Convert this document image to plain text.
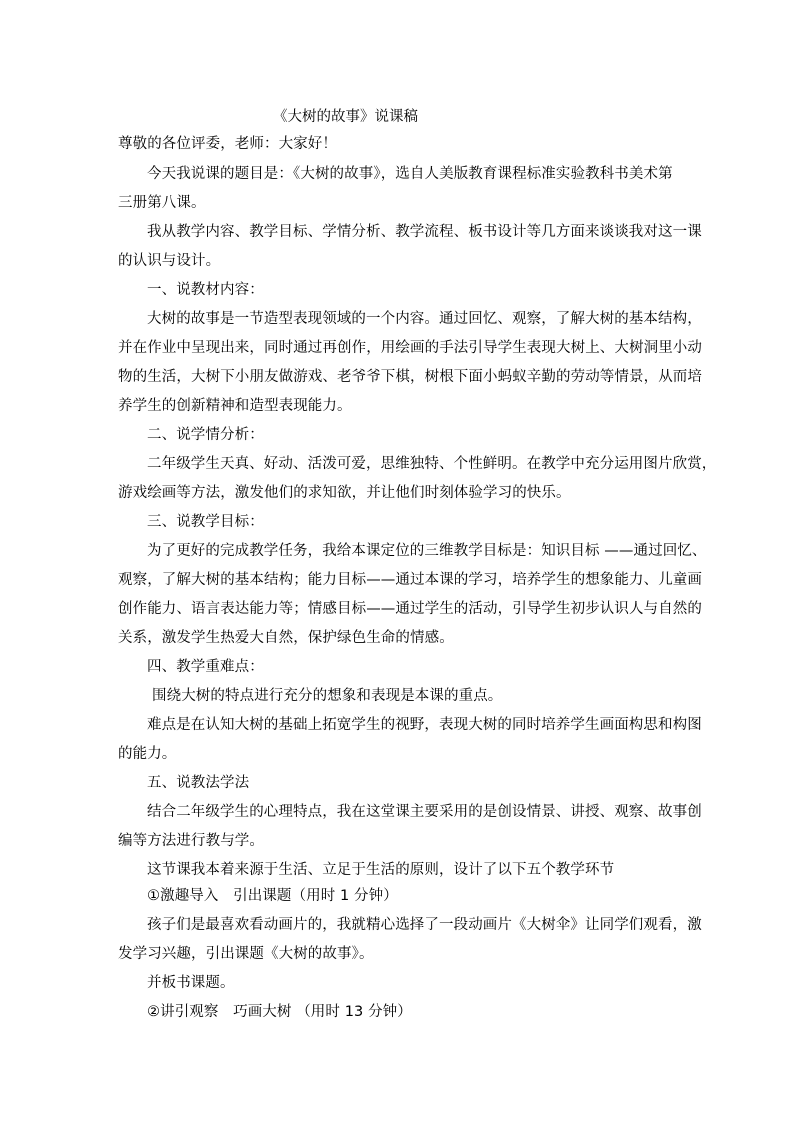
《大树的故事》说课稿
尊敬的各位评委，老师：大家好！
今天我说课的题目是：《大树的故事》，选自人美版教育课程标准实验教科书美术第
三册第八课。
我从教学内容、教学目标、学情分析、教学流程、板书设计等几方面来谈谈我对这一课
的认识与设计。
一、说教材内容：
大树的故事是一节造型表现领域的一个内容。通过回忆、观察，了解大树的基本结构，
并在作业中呈现出来，同时通过再创作，用绘画的手法引导学生表现大树上、大树洞里小动
物的生活，大树下小朋友做游戏、老爷爷下棋，树根下面小蚂蚁辛勤的劳动等情景，从而培
养学生的创新精神和造型表现能力。
二、说学情分析：
二年级学生天真、好动、活泼可爱，思维独特、个性鲜明。在教学中充分运用图片欣赏，
游戏绘画等方法，激发他们的求知欲，并让他们时刻体验学习的快乐。
三、说教学目标：
为了更好的完成教学任务，我给本课定位的三维教学目标是：知识目标 ——通过回忆、
观察，了解大树的基本结构；能力目标——通过本课的学习，培养学生的想象能力、儿童画
创作能力、语言表达能力等；情感目标——通过学生的活动，引导学生初步认识人与自然的
关系，激发学生热爱大自然，保护绿色生命的情感。
四、教学重难点：
围绕大树的特点进行充分的想象和表现是本课的重点。
难点是在认知大树的基础上拓宽学生的视野，表现大树的同时培养学生画面构思和构图
的能力。
五、说教法学法
结合二年级学生的心理特点，我在这堂课主要采用的是创设情景、讲授、观察、故事创
编等方法进行教与学。
这节课我本着来源于生活、立足于生活的原则，设计了以下五个教学环节
①激趣导入　引出课题（用时 1 分钟）
孩子们是最喜欢看动画片的，我就精心选择了一段动画片《大树伞》让同学们观看，激
发学习兴趣，引出课题《大树的故事》。
并板书课题。
②讲引观察　巧画大树 （用时 13 分钟）
